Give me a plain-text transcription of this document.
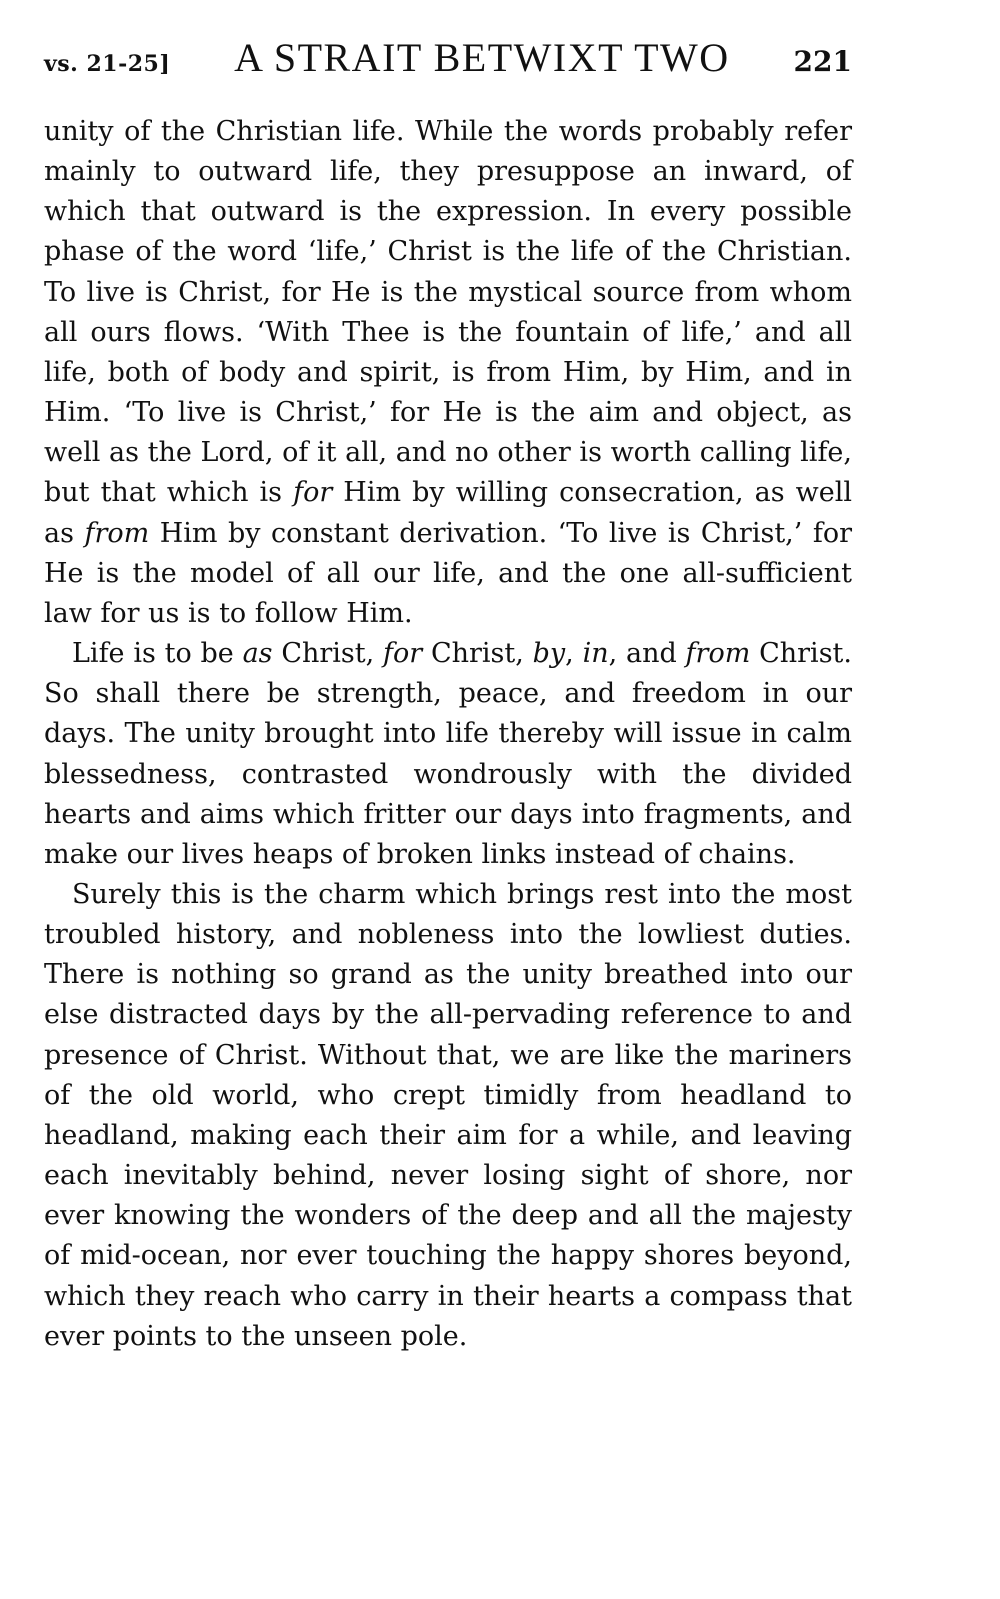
vs. 21-25] A STRAIT BETWIXT TWO 221

unity of the Christian life. While the words probably refer mainly to outward life, they presuppose an inward, of which that outward is the expression. In every possible phase of the word ‘life,’ Christ is the life of the Christian. To live is Christ, for He is the mystical source from whom all ours flows. ‘With Thee is the fountain of life,’ and all life, both of body and spirit, is from Him, by Him, and in Him. ‘To live is Christ,’ for He is the aim and object, as well as the Lord, of it all, and no other is worth calling life, but that which is for Him by willing consecration, as well as from Him by constant derivation. ‘To live is Christ,’ for He is the model of all our life, and the one all-sufficient law for us is to follow Him.

Life is to be as Christ, for Christ, by, in, and from Christ. So shall there be strength, peace, and freedom in our days. The unity brought into life thereby will issue in calm blessedness, contrasted wondrously with the divided hearts and aims which fritter our days into fragments, and make our lives heaps of broken links instead of chains.

Surely this is the charm which brings rest into the most troubled history, and nobleness into the lowliest duties. There is nothing so grand as the unity breathed into our else distracted days by the all-pervading reference to and presence of Christ. Without that, we are like the mariners of the old world, who crept timidly from headland to headland, making each their aim for a while, and leaving each inevitably behind, never losing sight of shore, nor ever knowing the wonders of the deep and all the majesty of mid-ocean, nor ever touching the happy shores beyond, which they reach who carry in their hearts a compass that ever points to the unseen pole.
